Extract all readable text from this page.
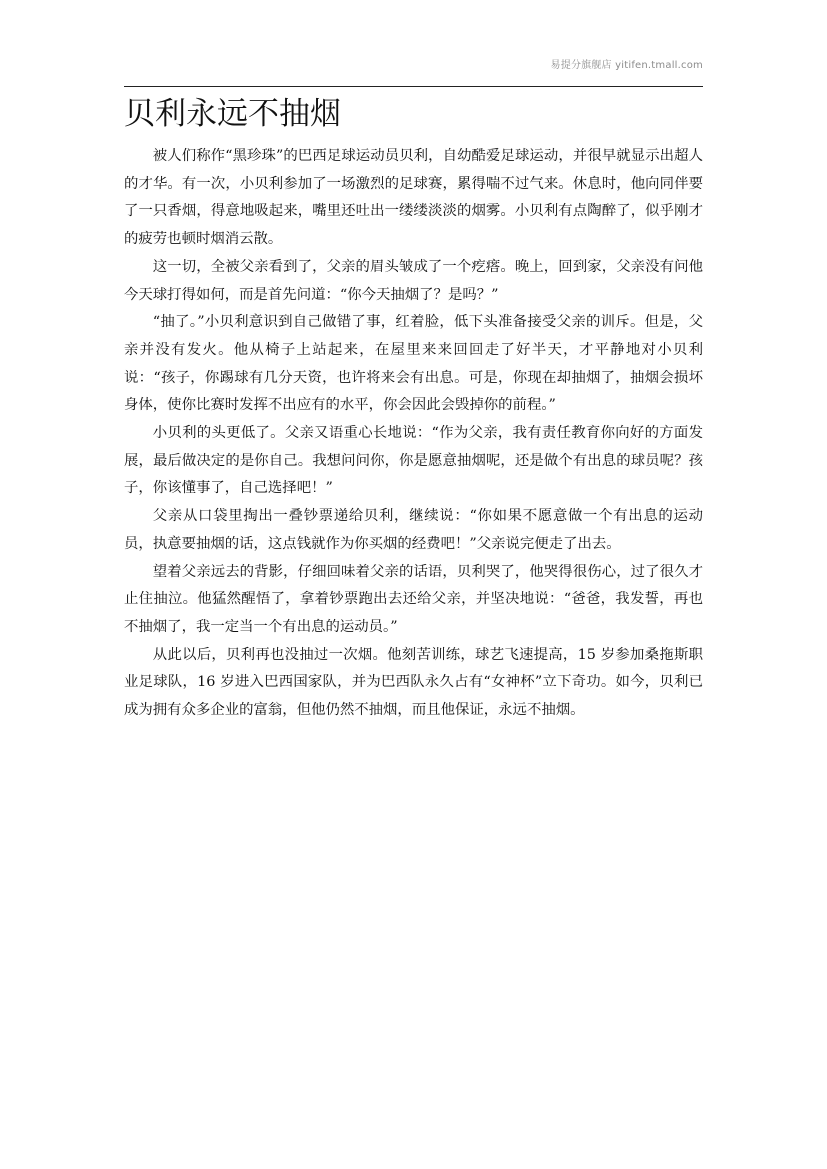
易提分旗舰店 yitifen.tmall.com
贝利永远不抽烟

被人们称作“黑珍珠”的巴西足球运动员贝利，自幼酷爱足球运动，并很早就显示出超人的才华。有一次，小贝利参加了一场激烈的足球赛，累得喘不过气来。休息时，他向同伴要了一只香烟，得意地吸起来，嘴里还吐出一缕缕淡淡的烟雾。小贝利有点陶醉了，似乎刚才的疲劳也顿时烟消云散。

这一切，全被父亲看到了，父亲的眉头皱成了一个疙瘩。晚上，回到家，父亲没有问他今天球打得如何，而是首先问道：“你今天抽烟了？是吗？”

“抽了。”小贝利意识到自己做错了事，红着脸，低下头准备接受父亲的训斥。但是，父亲并没有发火。他从椅子上站起来，在屋里来来回回走了好半天，才平静地对小贝利说：“孩子，你踢球有几分天资，也许将来会有出息。可是，你现在却抽烟了，抽烟会损坏身体，使你比赛时发挥不出应有的水平，你会因此会毁掉你的前程。”

小贝利的头更低了。父亲又语重心长地说：“作为父亲，我有责任教育你向好的方面发展，最后做决定的是你自己。我想问问你，你是愿意抽烟呢，还是做个有出息的球员呢？孩子，你该懂事了，自己选择吧！”

父亲从口袋里掏出一叠钞票递给贝利，继续说：“你如果不愿意做一个有出息的运动员，执意要抽烟的话，这点钱就作为你买烟的经费吧！”父亲说完便走了出去。

望着父亲远去的背影，仔细回味着父亲的话语，贝利哭了，他哭得很伤心，过了很久才止住抽泣。他猛然醒悟了，拿着钞票跑出去还给父亲，并坚决地说：“爸爸，我发誓，再也不抽烟了，我一定当一个有出息的运动员。”

从此以后，贝利再也没抽过一次烟。他刻苦训练，球艺飞速提高，15 岁参加桑拖斯职业足球队，16 岁进入巴西国家队，并为巴西队永久占有“女神杯”立下奇功。如今，贝利已成为拥有众多企业的富翁，但他仍然不抽烟，而且他保证，永远不抽烟。
